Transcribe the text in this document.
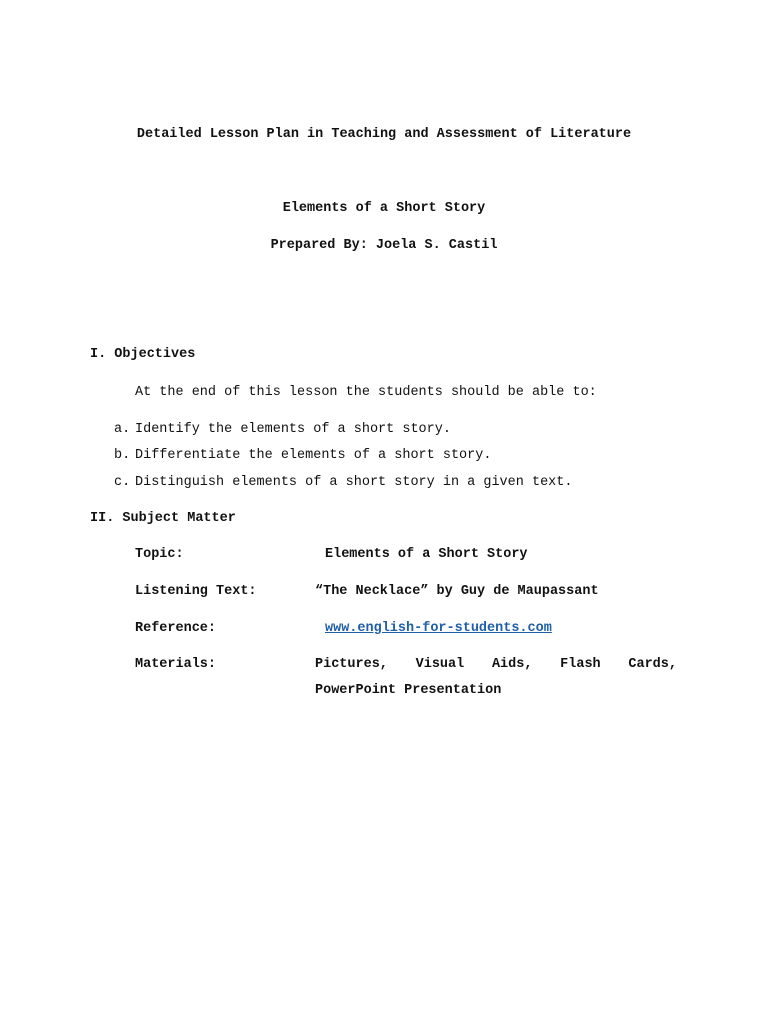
Detailed Lesson Plan in Teaching and Assessment of Literature
Elements of a Short Story
Prepared By: Joela S. Castil
I. Objectives
At the end of this lesson the students should be able to:
a. Identify the elements of a short story.
b. Differentiate the elements of a short story.
c. Distinguish elements of a short story in a given text.
II. Subject Matter
Topic:	Elements of a Short Story
Listening Text:	“The Necklace” by Guy de Maupassant
Reference:	www.english-for-students.com
Materials:	Pictures, Visual Aids, Flash Cards,
PowerPoint Presentation
